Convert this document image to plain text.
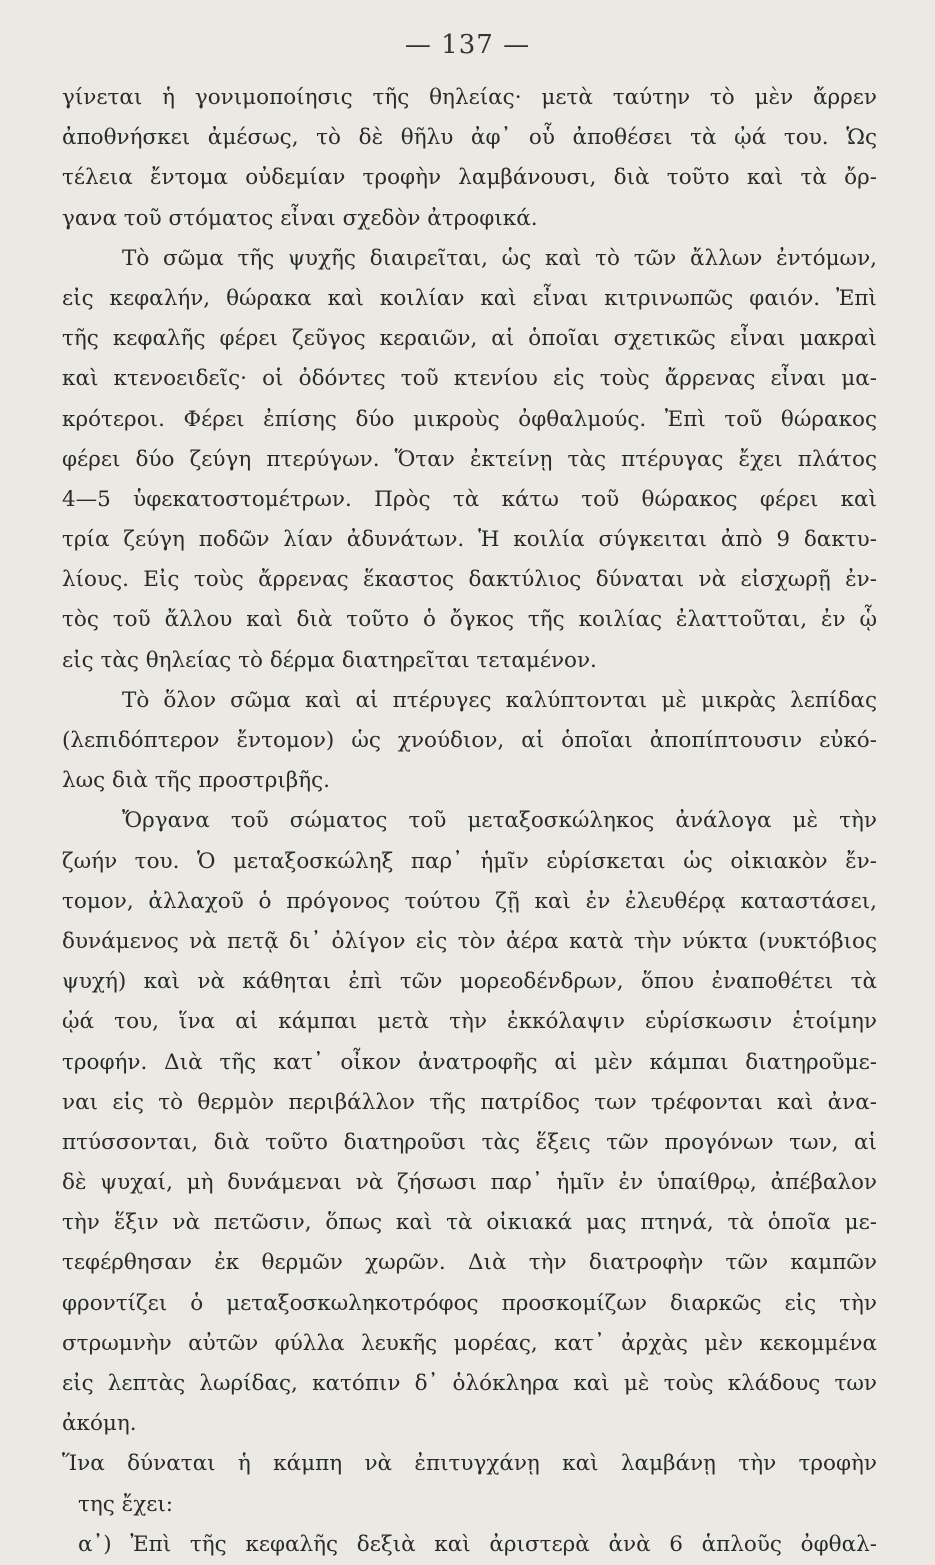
— 137 —
γίνεται ἡ γονιμοποίησις τῆς θηλείας· μετὰ ταύτην τὸ μὲν ἄρρεν
ἀποθνήσκει ἀμέσως, τὸ δὲ θῆλυ ἀφ᾽ οὗ ἀποθέσει τὰ ᾠά του. Ὡς
τέλεια ἔντομα οὐδεμίαν τροφὴν λαμβάνουσι, διὰ τοῦτο καὶ τὰ ὄρ-
γανα τοῦ στόματος εἶναι σχεδὸν ἀτροφικά.
Τὸ σῶμα τῆς ψυχῆς διαιρεῖται, ὡς καὶ τὸ τῶν ἄλλων ἐντόμων,
εἰς κεφαλήν, θώρακα καὶ κοιλίαν καὶ εἶναι κιτρινωπῶς φαιόν. Ἐπὶ
τῆς κεφαλῆς φέρει ζεῦγος κεραιῶν, αἱ ὁποῖαι σχετικῶς εἶναι μακραὶ
καὶ κτενοειδεῖς· οἱ ὀδόντες τοῦ κτενίου εἰς τοὺς ἄρρενας εἶναι μα-
κρότεροι. Φέρει ἐπίσης δύο μικροὺς ὀφθαλμούς. Ἐπὶ τοῦ θώρακος
φέρει δύο ζεύγη πτερύγων. Ὅταν ἐκτείνῃ τὰς πτέρυγας ἔχει πλάτος
4—5 ὑφεκατοστομέτρων. Πρὸς τὰ κάτω τοῦ θώρακος φέρει καὶ
τρία ζεύγη ποδῶν λίαν ἀδυνάτων. Ἡ κοιλία σύγκειται ἀπὸ 9 δακτυ-
λίους. Εἰς τοὺς ἄρρενας ἕκαστος δακτύλιος δύναται νὰ εἰσχωρῇ ἐν-
τὸς τοῦ ἄλλου καὶ διὰ τοῦτο ὁ ὄγκος τῆς κοιλίας ἐλαττοῦται, ἐν ᾧ
εἰς τὰς θηλείας τὸ δέρμα διατηρεῖται τεταμένον.
Τὸ ὅλον σῶμα καὶ αἱ πτέρυγες καλύπτονται μὲ μικρὰς λεπίδας
(λεπιδόπτερον ἔντομον) ὡς χνούδιον, αἱ ὁποῖαι ἀποπίπτουσιν εὐκό-
λως διὰ τῆς προστριβῆς.
Ὄργανα τοῦ σώματος τοῦ μεταξοσκώληκος ἀνάλογα μὲ τὴν
ζωήν του. Ὁ μεταξοσκώληξ παρ᾽ ἡμῖν εὑρίσκεται ὡς οἰκιακὸν ἔν-
τομον, ἀλλαχοῦ ὁ πρόγονος τούτου ζῇ καὶ ἐν ἐλευθέρᾳ καταστάσει,
δυνάμενος νὰ πετᾷ δι᾽ ὀλίγον εἰς τὸν ἀέρα κατὰ τὴν νύκτα (νυκτόβιος
ψυχή) καὶ νὰ κάθηται ἐπὶ τῶν μορεοδένδρων, ὅπου ἐναποθέτει τὰ
ᾠά του, ἵνα αἱ κάμπαι μετὰ τὴν ἐκκόλαψιν εὑρίσκωσιν ἑτοίμην
τροφήν. Διὰ τῆς κατ᾽ οἶκον ἀνατροφῆς αἱ μὲν κάμπαι διατηροῦμε-
ναι εἰς τὸ θερμὸν περιβάλλον τῆς πατρίδος των τρέφονται καὶ ἀνα-
πτύσσονται, διὰ τοῦτο διατηροῦσι τὰς ἕξεις τῶν προγόνων των, αἱ
δὲ ψυχαί, μὴ δυνάμεναι νὰ ζήσωσι παρ᾽ ἡμῖν ἐν ὑπαίθρῳ, ἀπέβαλον
τὴν ἕξιν νὰ πετῶσιν, ὅπως καὶ τὰ οἰκιακά μας πτηνά, τὰ ὁποῖα με-
τεφέρθησαν ἐκ θερμῶν χωρῶν. Διὰ τὴν διατροφὴν τῶν καμπῶν
φροντίζει ὁ μεταξοσκωληκοτρόφος προσκομίζων διαρκῶς εἰς τὴν
στρωμνὴν αὐτῶν φύλλα λευκῆς μορέας, κατ᾽ ἀρχὰς μὲν κεκομμένα
εἰς λεπτὰς λωρίδας, κατόπιν δ᾽ ὁλόκληρα καὶ μὲ τοὺς κλάδους των
ἀκόμη.
Ἵνα δύναται ἡ κάμπη νὰ ἐπιτυγχάνῃ καὶ λαμβάνῃ τὴν τροφὴν
της ἔχει:
α᾽) Ἐπὶ τῆς κεφαλῆς δεξιὰ καὶ ἀριστερὰ ἀνὰ 6 ἁπλοῦς ὀφθαλ-
